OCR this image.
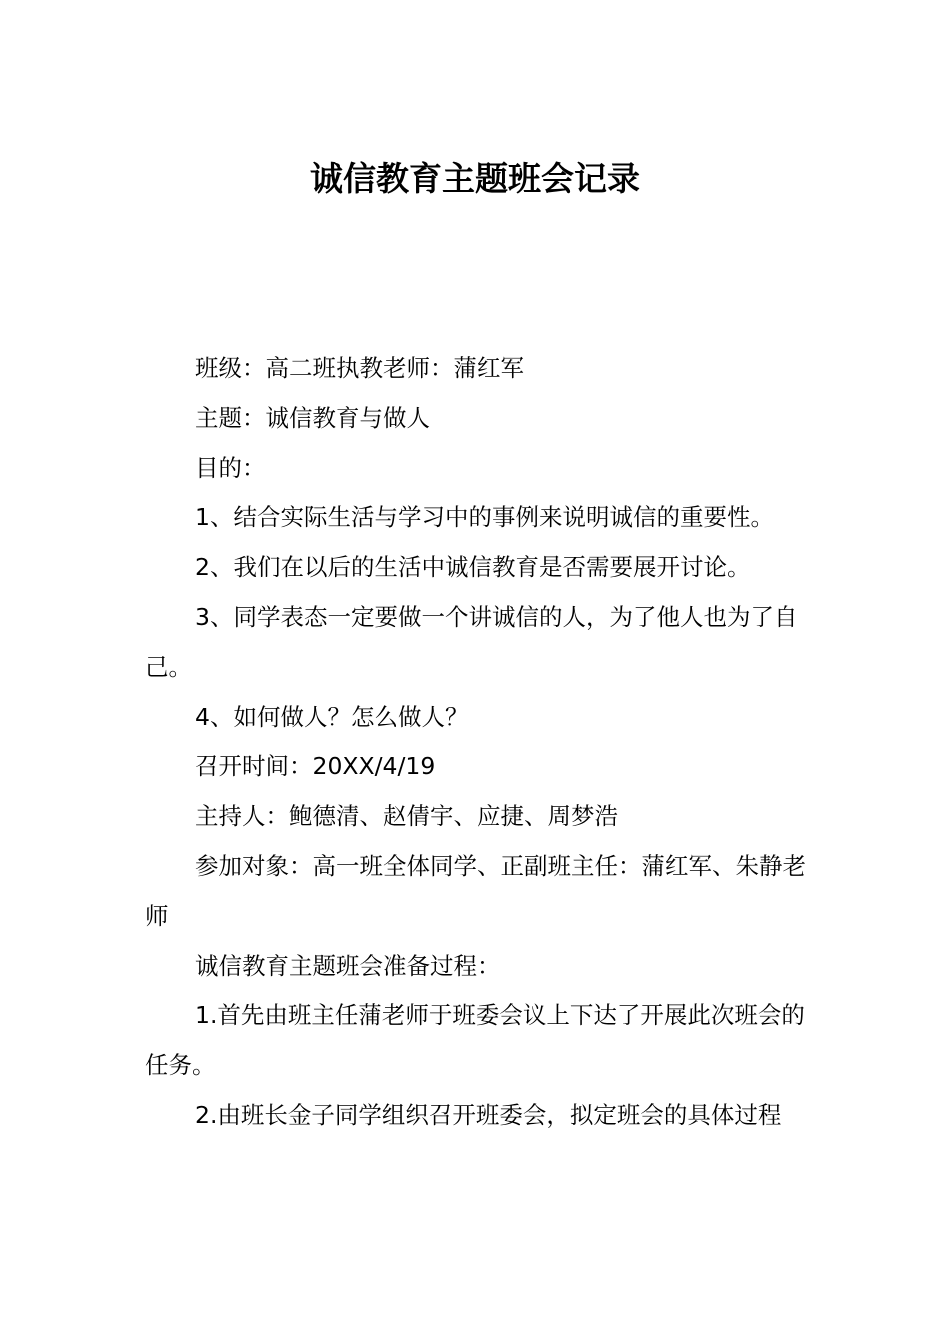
诚信教育主题班会记录

班级：高二班执教老师：蒲红军

主题：诚信教育与做人

目的：

1、结合实际生活与学习中的事例来说明诚信的重要性。

2、我们在以后的生活中诚信教育是否需要展开讨论。

3、同学表态一定要做一个讲诚信的人，为了他人也为了自己。

4、如何做人？怎么做人？

召开时间：20XX/4/19

主持人：鲍德清、赵倩宇、应捷、周梦浩

参加对象：高一班全体同学、正副班主任：蒲红军、朱静老师

诚信教育主题班会准备过程：

1.首先由班主任蒲老师于班委会议上下达了开展此次班会的任务。

2.由班长金子同学组织召开班委会，拟定班会的具体过程
